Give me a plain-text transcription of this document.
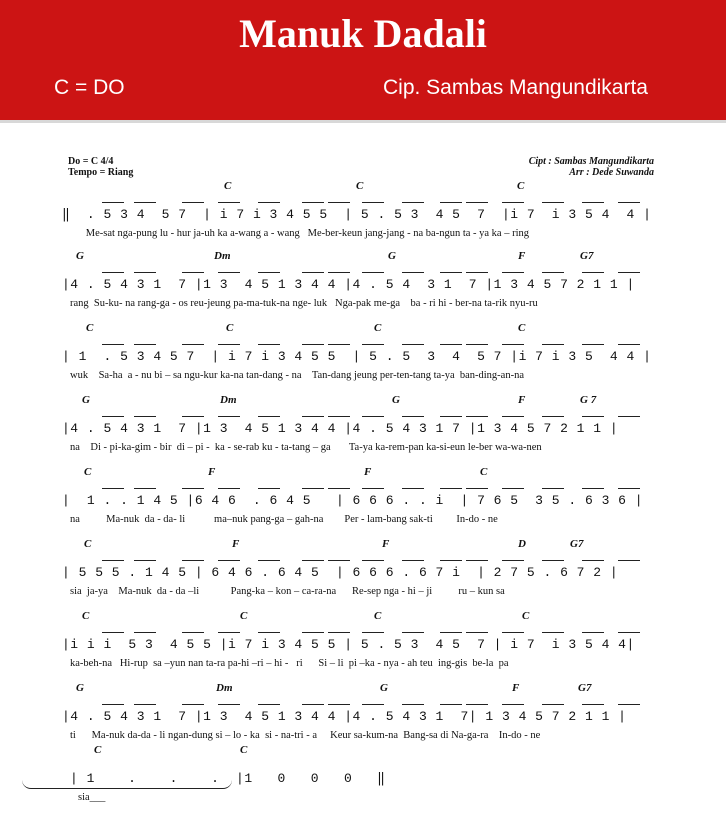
Manuk Dadali
C = DO	Cip. Sambas Mangundikarta
Do = C 4/4
Tempo = Riang
Cipt : Sambas Mangundikarta
Arr : Dede Suwanda
C	C	C
‖  . 5 3 4  5 7  | i 7 i 3 4 5 5  | 5 . 5 3  4 5  7  |i 7  i 3 5 4  4 |
Me-sat nga-pung lu - hur ja-uh ka a-wang a - wang   Me-ber-keun jang-jang - na ba-ngun ta - ya ka – ring
G	Dm	G	F	G7
|4 . 5 4 3 1  7 |1 3  4 5 1 3 4 4 |4 . 5 4  3 1  7 |1 3 4 5 7 2 1 1 |
rang  Su-ku- na rang-ga - os reu-jeung pa-ma-tuk-na nge- luk   Nga-pak me-ga    ba - ri hi - ber-na ta-rik nyu-ru
C	C	C	C
| 1  . 5 3 4 5 7  | i 7 i 3 4 5 5  | 5 . 5  3  4  5 7 |i 7 i 3 5  4 4 |
wuk    Sa-ha  a - nu bi – sa ngu-kur ka-na tan-dang - na    Tan-dang jeung per-ten-tang ta-ya  ban-ding-an-na
G	Dm	G	F	G 7
|4 . 5 4 3 1  7 |1 3  4 5 1 3 4 4 |4 . 5 4 3 1 7 |1 3 4 5 7 2 1 1 |
na    Di - pi-ka-gim - bir  di – pi -  ka - se-rab ku - ta-tang – ga       Ta-ya ka-rem-pan ka-si-eun le-ber wa-wa-nen
C	F	F	C
|  1 . . 1 4 5 |6 4 6  . 6 4 5   | 6 6 6 . . i  | 7 6 5  3 5 . 6 3 6 |
na          Ma-nuk  da - da- li           ma–nuk pang-ga – gah-na        Per - lam-bang sak-ti         In-do - ne
C	F	F	D	G7
| 5 5 5 . 1 4 5 | 6 4 6 . 6 4 5  | 6 6 6 . 6 7 i  | 2 7 5 . 6 7 2 |
sia  ja-ya    Ma-nuk  da - da –li            Pang-ka – kon – ca-ra-na      Re-sep nga - hi – ji          ru – kun sa
C	C	C	C
|i i i  5 3  4 5 5 |i 7 i 3 4 5 5 | 5 . 5 3  4 5  7 | i 7  i 3 5 4 4|
ka-beh-na   Hi-rup  sa –yun nan ta-ra pa-hi –ri – hi -   ri      Si – li  pi –ka - nya - ah teu  ing-gis  be-la  pa
G	Dm	G	F	G7
|4 . 5 4 3 1  7 |1 3  4 5 1 3 4 4 |4 . 5 4 3 1  7| 1 3 4 5 7 2 1 1 |
ti      Ma-nuk da-da - li ngan-dung si – lo - ka  si - na-tri - a     Keur sa-kum-na  Bang-sa di Na-ga-ra    In-do - ne
C	C
| 1    .    .    .  |1   0   0   0   ‖
sia___
